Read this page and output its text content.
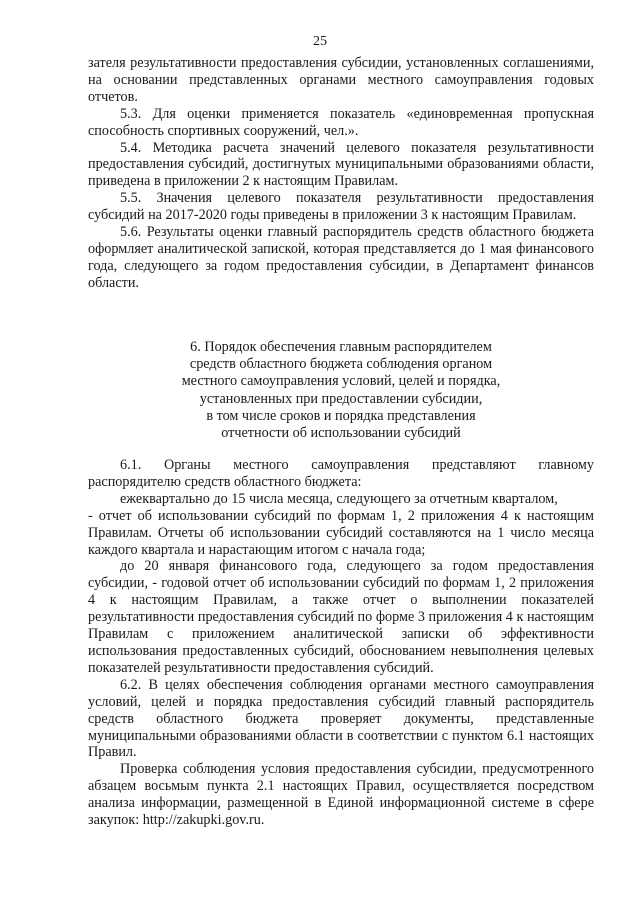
25

зателя результативности предоставления субсидии, установленных соглашениями, на основании представленных органами местного самоуправления годовых отчетов.

5.3. Для оценки применяется показатель «единовременная пропускная способность спортивных сооружений, чел.».

5.4. Методика расчета значений целевого показателя результативности предоставления субсидий, достигнутых муниципальными образованиями области, приведена в приложении 2 к настоящим Правилам.

5.5. Значения целевого показателя результативности предоставления субсидий на 2017-2020 годы приведены в приложении 3 к настоящим Правилам.

5.6. Результаты оценки главный распорядитель средств областного бюджета оформляет аналитической запиской, которая представляется до 1 мая финансового года, следующего за годом предоставления субсидии, в Департамент финансов области.

6. Порядок обеспечения главным распорядителем
средств областного бюджета соблюдения органом
местного самоуправления условий, целей и порядка,
установленных при предоставлении субсидии,
в том числе сроков и порядка представления
отчетности об использовании субсидий

6.1. Органы местного самоуправления представляют главному распорядителю средств областного бюджета:

ежеквартально до 15 числа месяца, следующего за отчетным кварталом,

- отчет об использовании субсидий по формам 1, 2 приложения 4 к настоящим Правилам. Отчеты об использовании субсидий составляются на 1 число месяца каждого квартала и нарастающим итогом с начала года;

до 20 января финансового года, следующего за годом предоставления субсидии, - годовой отчет об использовании субсидий по формам 1, 2 приложения 4 к настоящим Правилам, а также отчет о выполнении показателей результативности предоставления субсидий по форме 3 приложения 4 к настоящим Правилам с приложением аналитической записки об эффективности использования предоставленных субсидий, обоснованием невыполнения целевых показателей результативности предоставления субсидий.

6.2. В целях обеспечения соблюдения органами местного самоуправления условий, целей и порядка предоставления субсидий главный распорядитель средств областного бюджета проверяет документы, представленные муниципальными образованиями области в соответствии с пунктом 6.1 настоящих Правил.

Проверка соблюдения условия предоставления субсидии, предусмотренного абзацем восьмым пункта 2.1 настоящих Правил, осуществляется посредством анализа информации, размещенной в Единой информационной системе в сфере закупок: http://zakupki.gov.ru.
